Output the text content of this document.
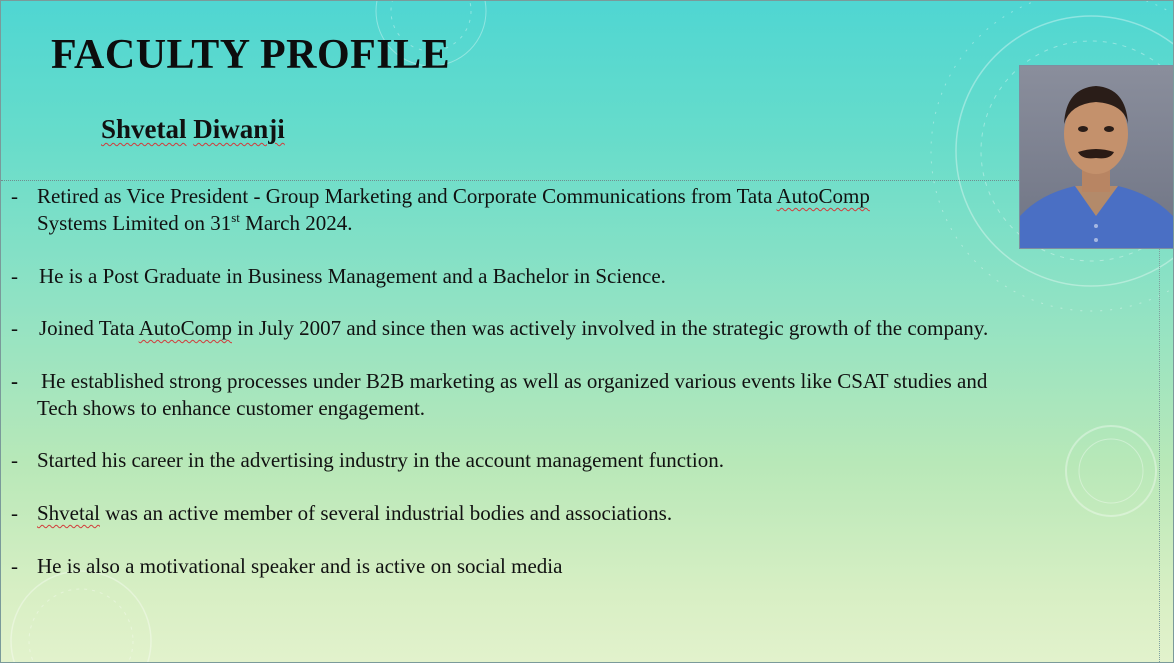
FACULTY PROFILE
Shvetal Diwanji
- Retired as Vice President - Group Marketing and Corporate Communications from Tata AutoComp
Systems Limited on 31st March 2024.
- He is a Post Graduate in Business Management and a Bachelor in Science.
- Joined Tata AutoComp in July 2007 and since then was actively involved in the strategic growth of the company.
- He established strong processes under B2B marketing as well as organized various events like CSAT studies and
Tech shows to enhance customer engagement.
- Started his career in the advertising industry in the account management function.
- Shvetal was an active member of several industrial bodies and associations.
- He is also a motivational speaker and is active on social media
